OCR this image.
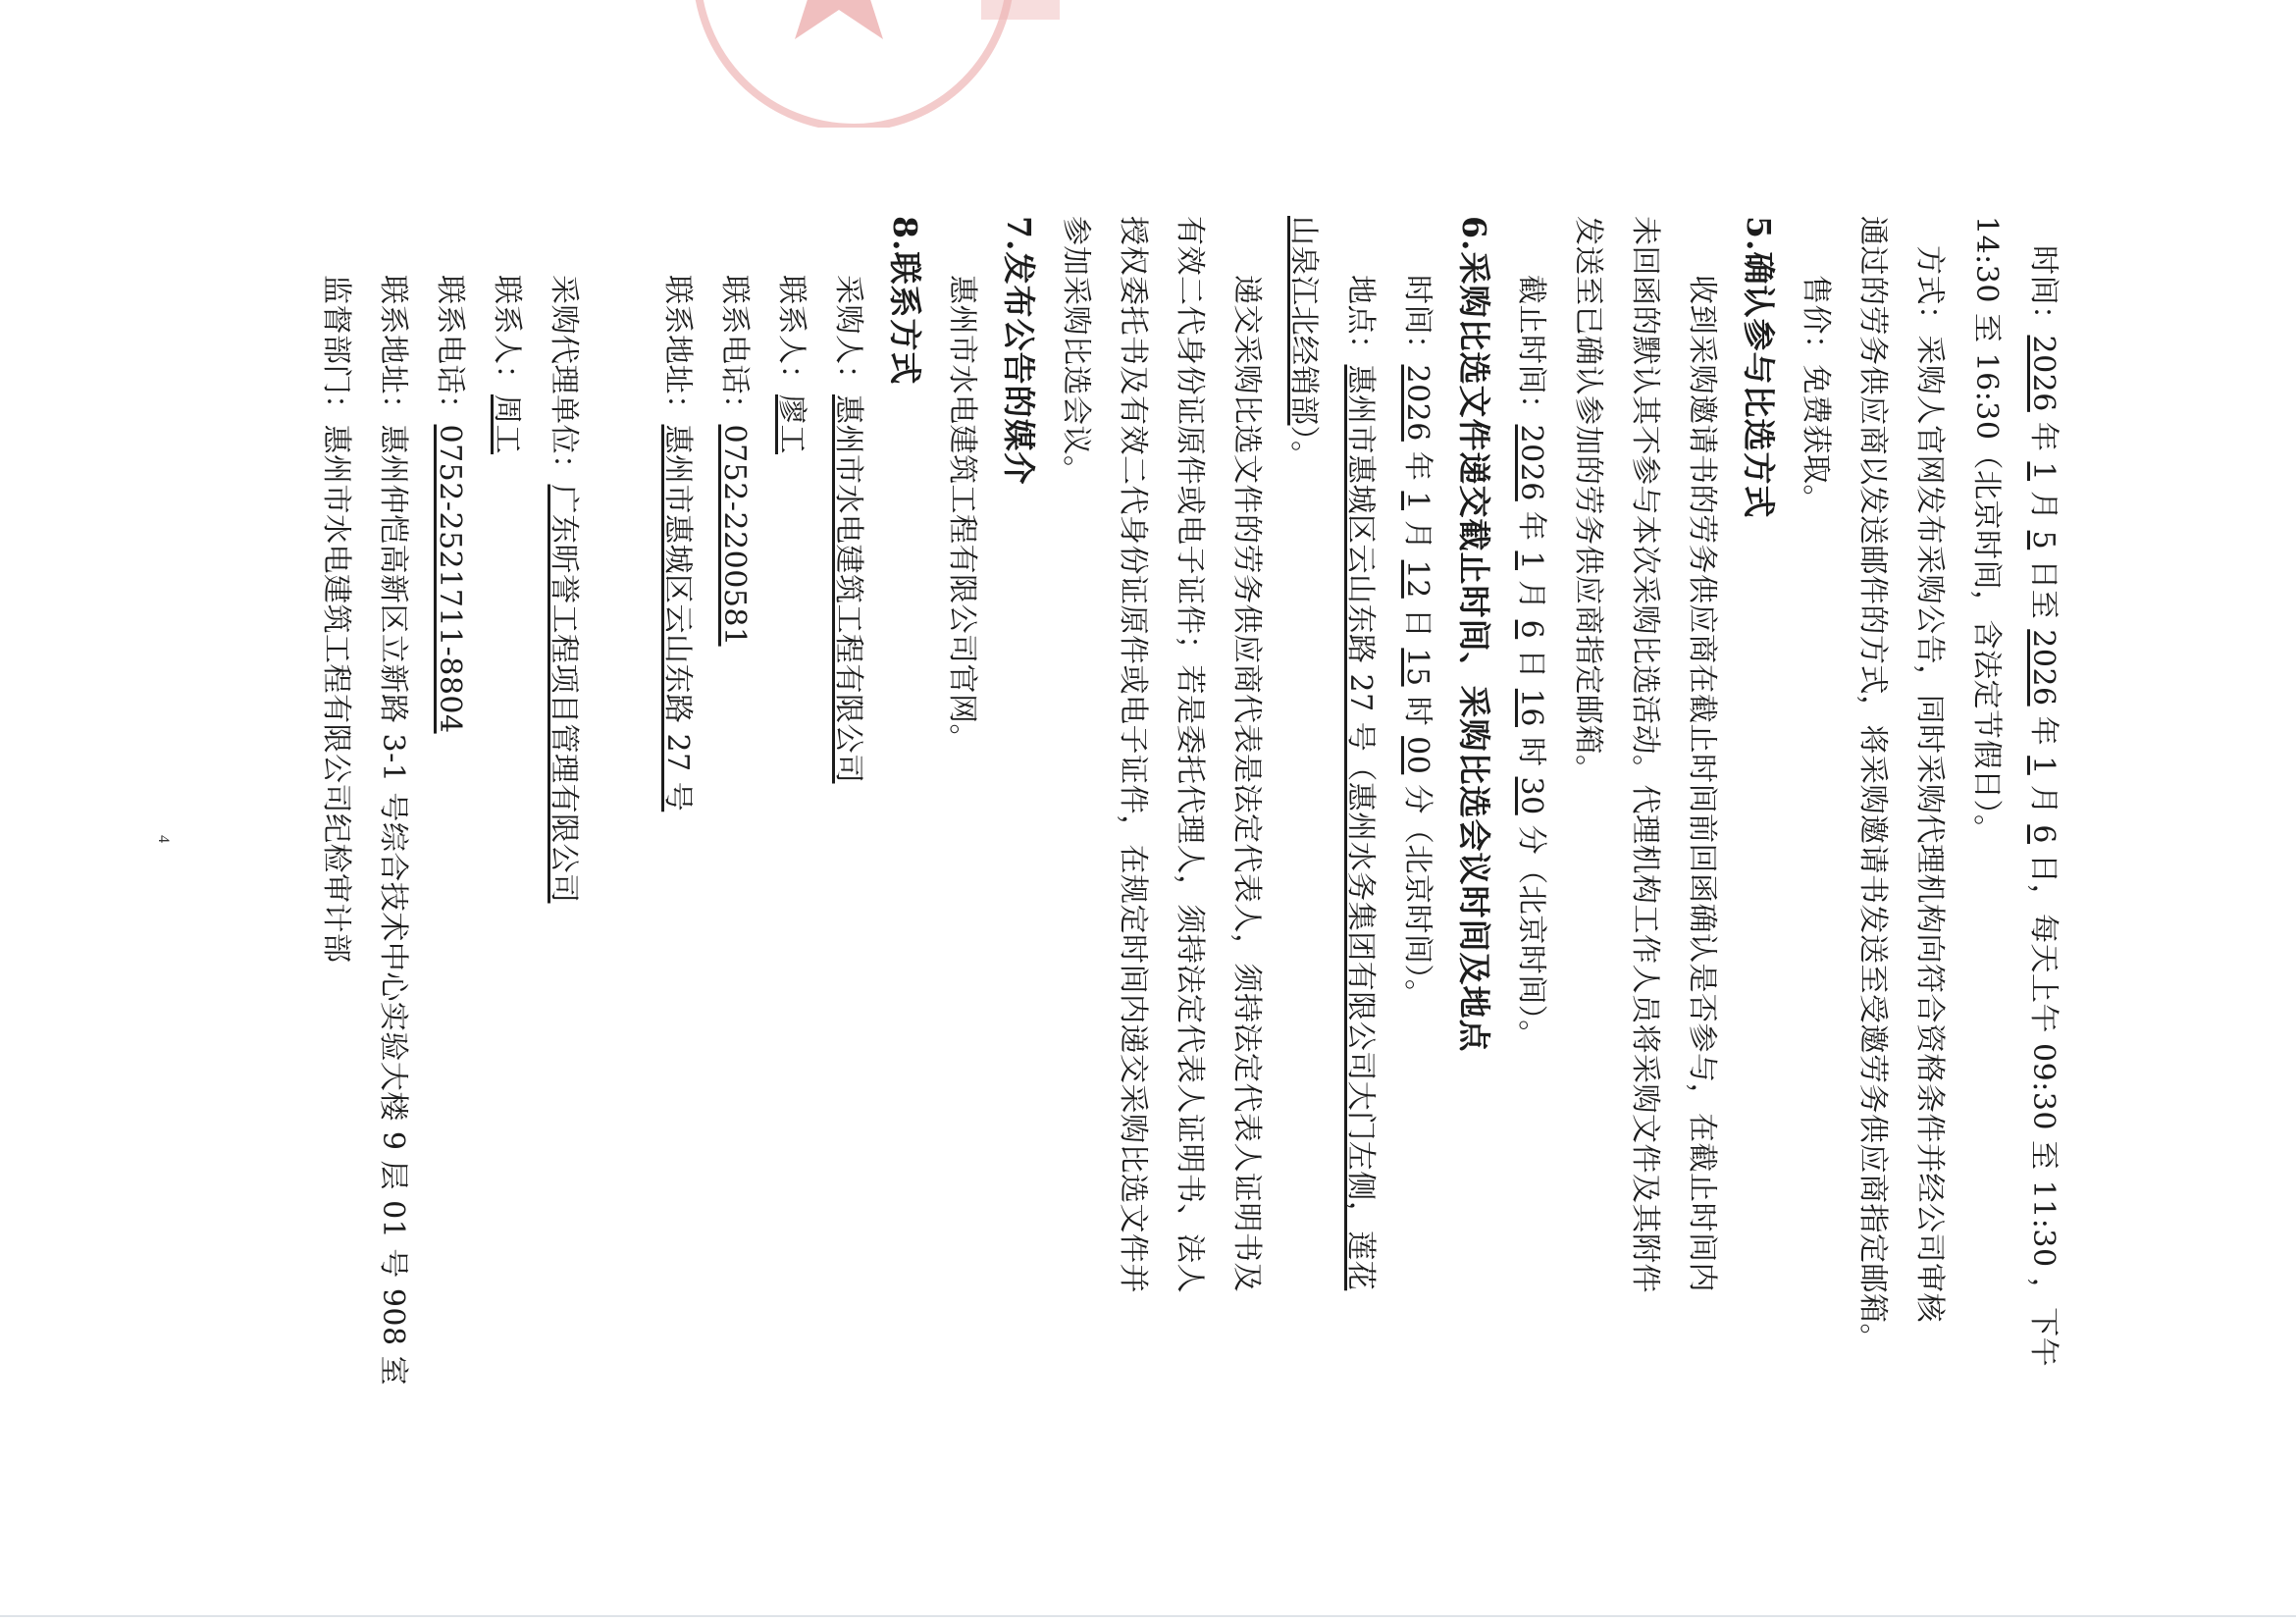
时间：2026 年 1 月 5 日至 2026 年 1 月 6 日，每天上午 09:30 至 11:30 ，下午
14:30 至 16:30（北京时间，含法定节假日）。
方式：采购人官网发布采购公告，同时采购代理机构向符合资格条件并经公司审核
通过的劳务供应商以发送邮件的方式，将采购邀请书发送至受邀劳务供应商指定邮箱。
售价：免费获取。
5.确认参与比选方式
收到采购邀请书的劳务供应商在截止时间前回函确认是否参与，在截止时间内
未回函的默认其不参与本次采购比选活动。代理机构工作人员将采购文件及其附件
发送至已确认参加的劳务供应商指定邮箱。
截止时间：2026 年 1 月 6 日 16 时 30 分（北京时间）。
6.采购比选文件递交截止时间、采购比选会议时间及地点
时间：2026 年 1 月 12 日 15 时 00 分（北京时间）。
地点：惠州市惠城区云山东路 27 号（惠州水务集团有限公司大门左侧，莲花
山泉江北经销部）。
递交采购比选文件的劳务供应商代表是法定代表人，须持法定代表人证明书及
有效二代身份证原件或电子证件；若是委托代理人，须持法定代表人证明书、法人
授权委托书及有效二代身份证原件或电子证件，在规定时间内递交采购比选文件并
参加采购比选会议。
7.发布公告的媒介
惠州市水电建筑工程有限公司官网。
8.联系方式
采购人：惠州市水电建筑工程有限公司
联系人：廖工
联系电话：0752-2200581
联系地址：惠州市惠城区云山东路 27 号
采购代理单位：广东昕誉工程项目管理有限公司
联系人：周工
联系电话：0752-2521711-8804
联系地址：惠州仲恺高新区立新路 3-1 号综合技术中心实验大楼 9 层 01 号 908 室
监督部门：惠州市水电建筑工程有限公司纪检审计部
4
